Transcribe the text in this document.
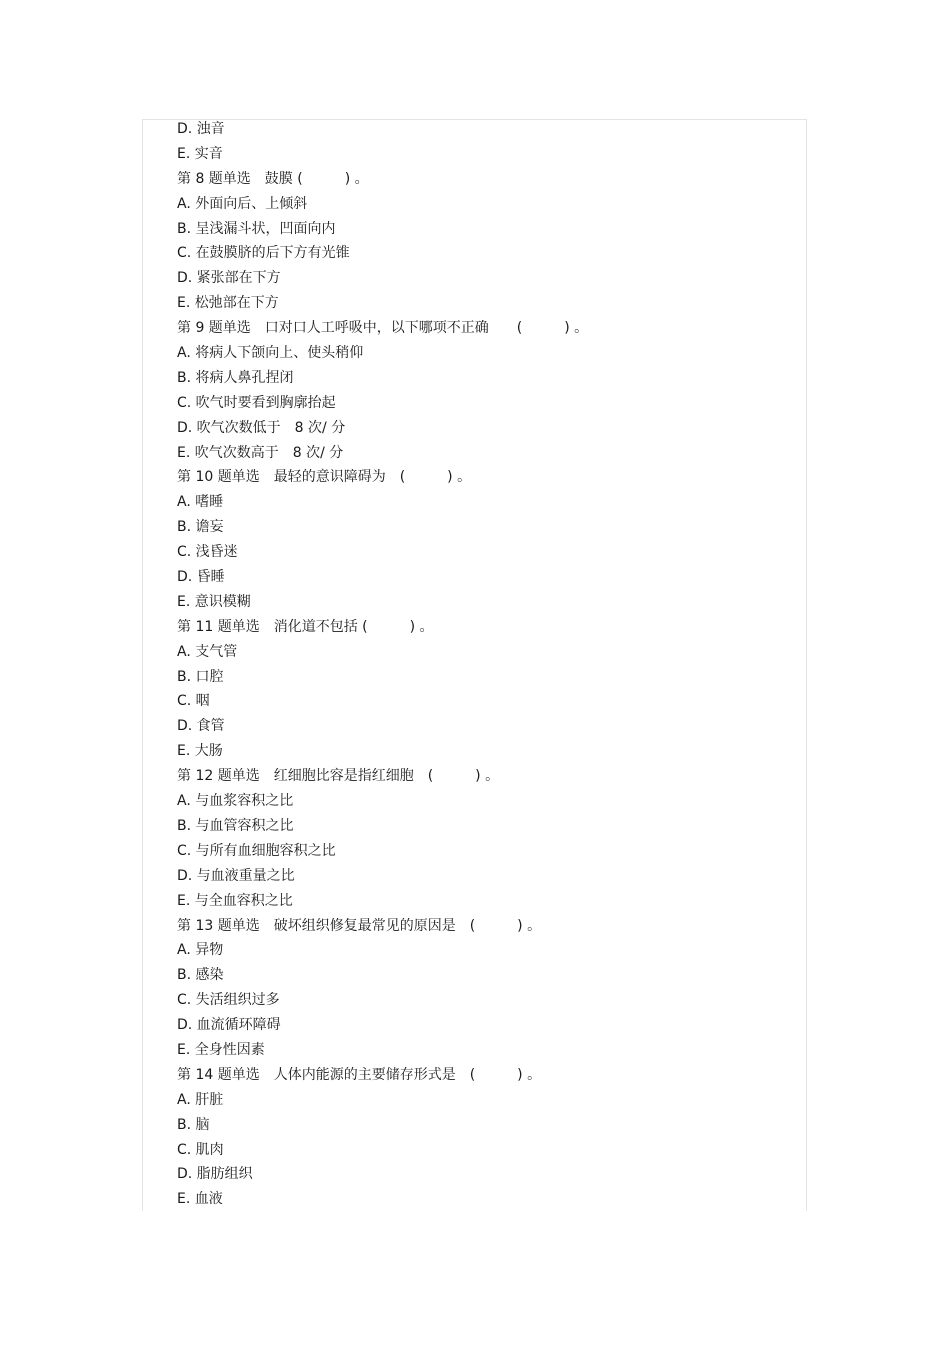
D. 浊音
E. 实音
第 8 题单选　鼓膜 (　　　) 。
A. 外面向后、上倾斜
B. 呈浅漏斗状，凹面向内
C. 在鼓膜脐的后下方有光锥
D. 紧张部在下方
E. 松弛部在下方
第 9 题单选　口对口人工呼吸中，以下哪项不正确　　(　　　) 。
A. 将病人下颌向上、使头稍仰
B. 将病人鼻孔捏闭
C. 吹气时要看到胸廓抬起
D. 吹气次数低于　8 次/ 分
E. 吹气次数高于　8 次/ 分
第 10 题单选　最轻的意识障碍为　(　　　) 。
A. 嗜睡
B. 谵妄
C. 浅昏迷
D. 昏睡
E. 意识模糊
第 11 题单选　消化道不包括 (　　　) 。
A. 支气管
B. 口腔
C. 咽
D. 食管
E. 大肠
第 12 题单选　红细胞比容是指红细胞　(　　　) 。
A. 与血浆容积之比
B. 与血管容积之比
C. 与所有血细胞容积之比
D. 与血液重量之比
E. 与全血容积之比
第 13 题单选　破坏组织修复最常见的原因是　(　　　) 。
A. 异物
B. 感染
C. 失活组织过多
D. 血流循环障碍
E. 全身性因素
第 14 题单选　人体内能源的主要储存形式是　(　　　) 。
A. 肝脏
B. 脑
C. 肌肉
D. 脂肪组织
E. 血液
